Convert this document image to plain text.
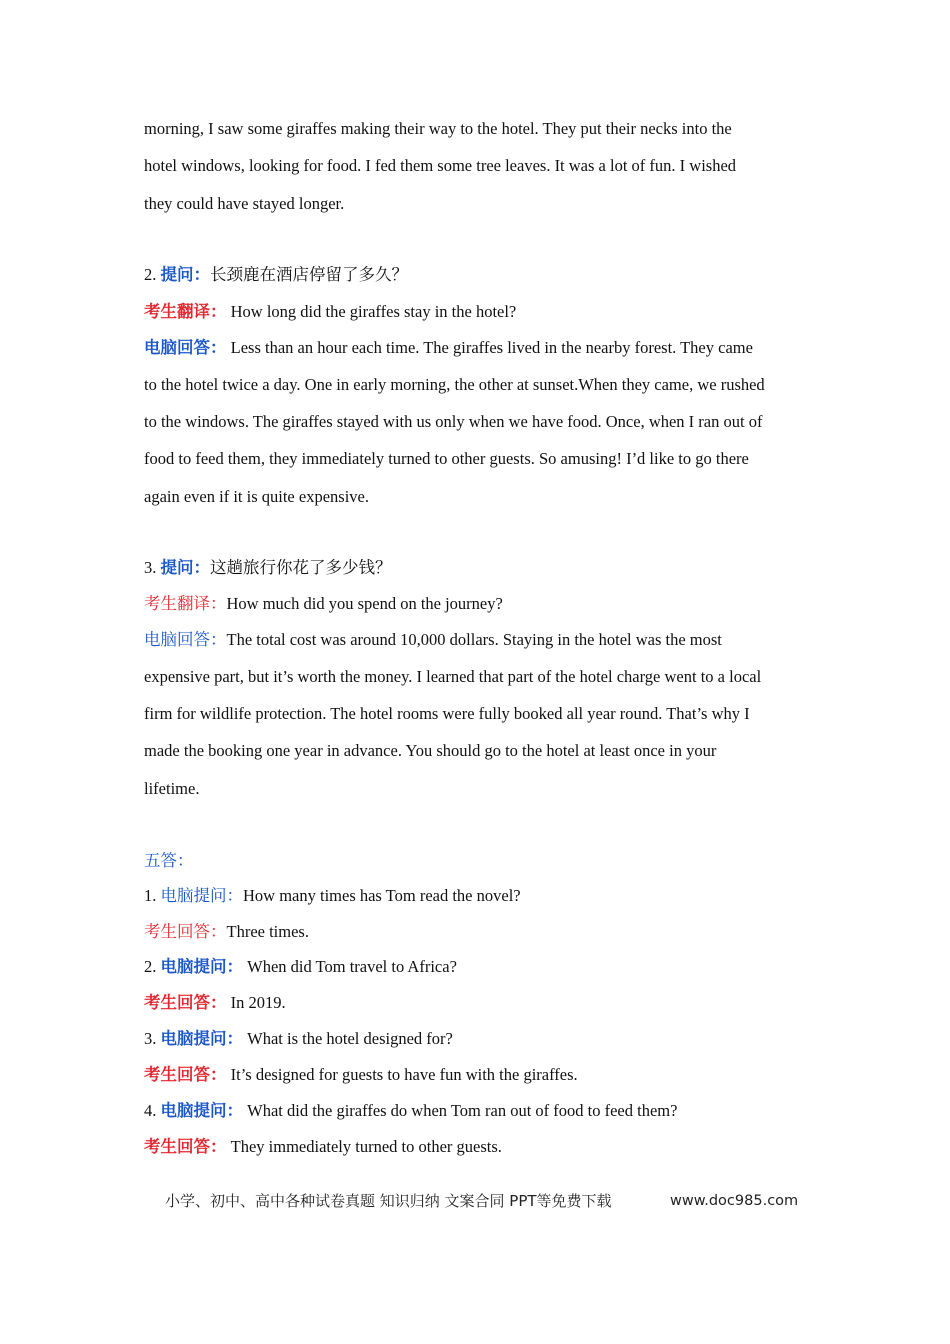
morning, I saw some giraffes making their way to the hotel. They put their necks into the
hotel windows, looking for food. I fed them some tree leaves. It was a lot of fun. I wished
they could have stayed longer.
2. 提问：长颈鹿在酒店停留了多久？
考生翻译： How long did the giraffes stay in the hotel?
电脑回答： Less than an hour each time. The giraffes lived in the nearby forest. They came
to the hotel twice a day. One in early morning, the other at sunset.When they came, we rushed
to the windows. The giraffes stayed with us only when we have food. Once, when I ran out of
food to feed them, they immediately turned to other guests. So amusing! I’d like to go there
again even if it is quite expensive.
3. 提问：这趟旅行你花了多少钱？
考生翻译：How much did you spend on the journey?
电脑回答：The total cost was around 10,000 dollars. Staying in the hotel was the most
expensive part, but it’s worth the money. I learned that part of the hotel charge went to a local
firm for wildlife protection. The hotel rooms were fully booked all year round. That’s why I
made the booking one year in advance. You should go to the hotel at least once in your
lifetime.
五答：
1. 电脑提问：How many times has Tom read the novel?
考生回答：Three times.
2. 电脑提问： When did Tom travel to Africa?
考生回答： In 2019.
3. 电脑提问： What is the hotel designed for?
考生回答： It’s designed for guests to have fun with the giraffes.
4. 电脑提问： What did the giraffes do when Tom ran out of food to feed them?
考生回答： They immediately turned to other guests.
小学、初中、高中各种试卷真题 知识归纳 文案合同 PPT等免费下载	www.doc985.com
